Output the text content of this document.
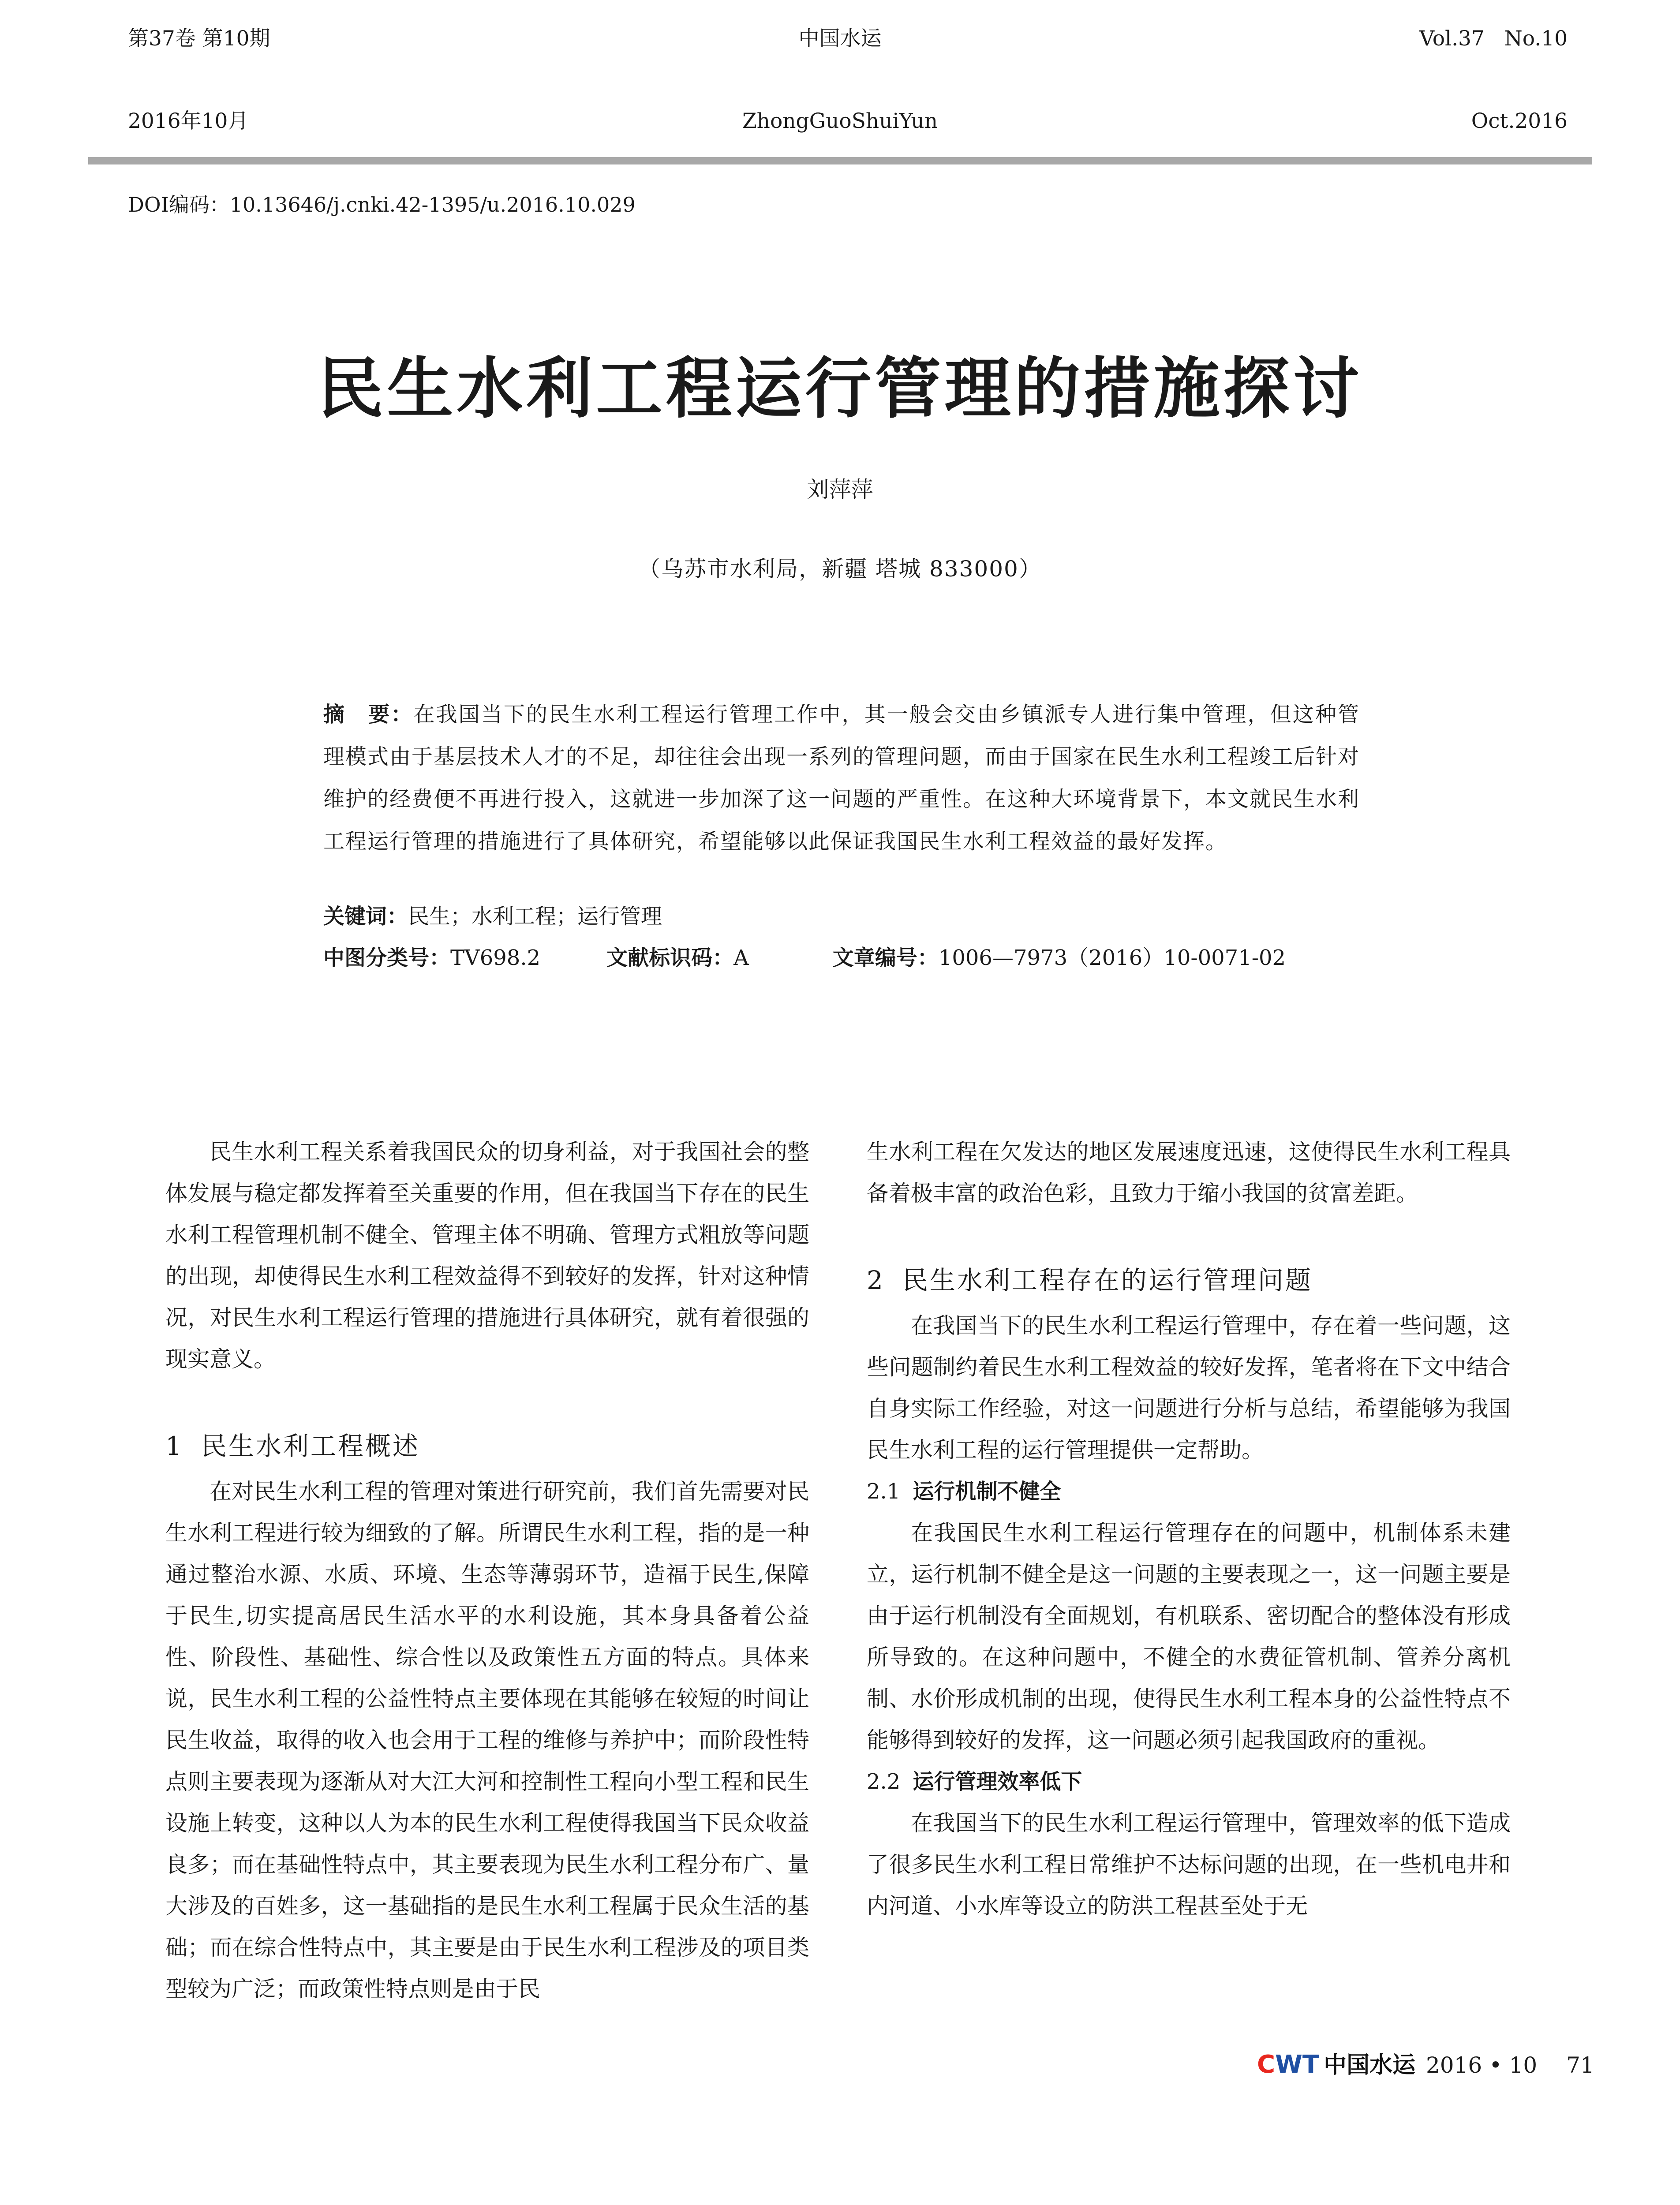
第37卷 第10期
2016年10月
中国水运
ZhongGuoShuiYun
Vol.37   No.10
Oct.2016
DOI编码：10.13646/j.cnki.42-1395/u.2016.10.029
民生水利工程运行管理的措施探讨
刘萍萍
（乌苏市水利局，新疆 塔城 833000）
摘　要：在我国当下的民生水利工程运行管理工作中，其一般会交由乡镇派专人进行集中管理，但这种管理模式由于基层技术人才的不足，却往往会出现一系列的管理问题，而由于国家在民生水利工程竣工后针对维护的经费便不再进行投入，这就进一步加深了这一问题的严重性。在这种大环境背景下，本文就民生水利工程运行管理的措施进行了具体研究，希望能够以此保证我国民生水利工程效益的最好发挥。
关键词：民生；水利工程；运行管理
中图分类号：TV698.2	文献标识码：A	文章编号：1006—7973（2016）10-0071-02

民生水利工程关系着我国民众的切身利益，对于我国社会的整体发展与稳定都发挥着至关重要的作用，但在我国当下存在的民生水利工程管理机制不健全、管理主体不明确、管理方式粗放等问题的出现，却使得民生水利工程效益得不到较好的发挥，针对这种情况，对民生水利工程运行管理的措施进行具体研究，就有着很强的现实意义。

1 民生水利工程概述

在对民生水利工程的管理对策进行研究前，我们首先需要对民生水利工程进行较为细致的了解。所谓民生水利工程，指的是一种通过整治水源、水质、环境、生态等薄弱环节，造福于民生,保障于民生,切实提高居民生活水平的水利设施，其本身具备着公益性、阶段性、基础性、综合性以及政策性五方面的特点。具体来说，民生水利工程的公益性特点主要体现在其能够在较短的时间让民生收益，取得的收入也会用于工程的维修与养护中；而阶段性特点则主要表现为逐渐从对大江大河和控制性工程向小型工程和民生设施上转变，这种以人为本的民生水利工程使得我国当下民众收益良多；而在基础性特点中，其主要表现为民生水利工程分布广、量大涉及的百姓多，这一基础指的是民生水利工程属于民众生活的基础；而在综合性特点中，其主要是由于民生水利工程涉及的项目类型较为广泛；而政策性特点则是由于民

生水利工程在欠发达的地区发展速度迅速，这使得民生水利工程具备着极丰富的政治色彩，且致力于缩小我国的贫富差距。

2 民生水利工程存在的运行管理问题

在我国当下的民生水利工程运行管理中，存在着一些问题，这些问题制约着民生水利工程效益的较好发挥，笔者将在下文中结合自身实际工作经验，对这一问题进行分析与总结，希望能够为我国民生水利工程的运行管理提供一定帮助。

2.1 运行机制不健全

在我国民生水利工程运行管理存在的问题中，机制体系未建立，运行机制不健全是这一问题的主要表现之一，这一问题主要是由于运行机制没有全面规划，有机联系、密切配合的整体没有形成所导致的。在这种问题中，不健全的水费征管机制、管养分离机制、水价形成机制的出现，使得民生水利工程本身的公益性特点不能够得到较好的发挥，这一问题必须引起我国政府的重视。

2.2 运行管理效率低下

在我国当下的民生水利工程运行管理中，管理效率的低下造成了很多民生水利工程日常维护不达标问题的出现，在一些机电井和内河道、小水库等设立的防洪工程甚至处于无

CWT 中国水运 2016 • 10 71
